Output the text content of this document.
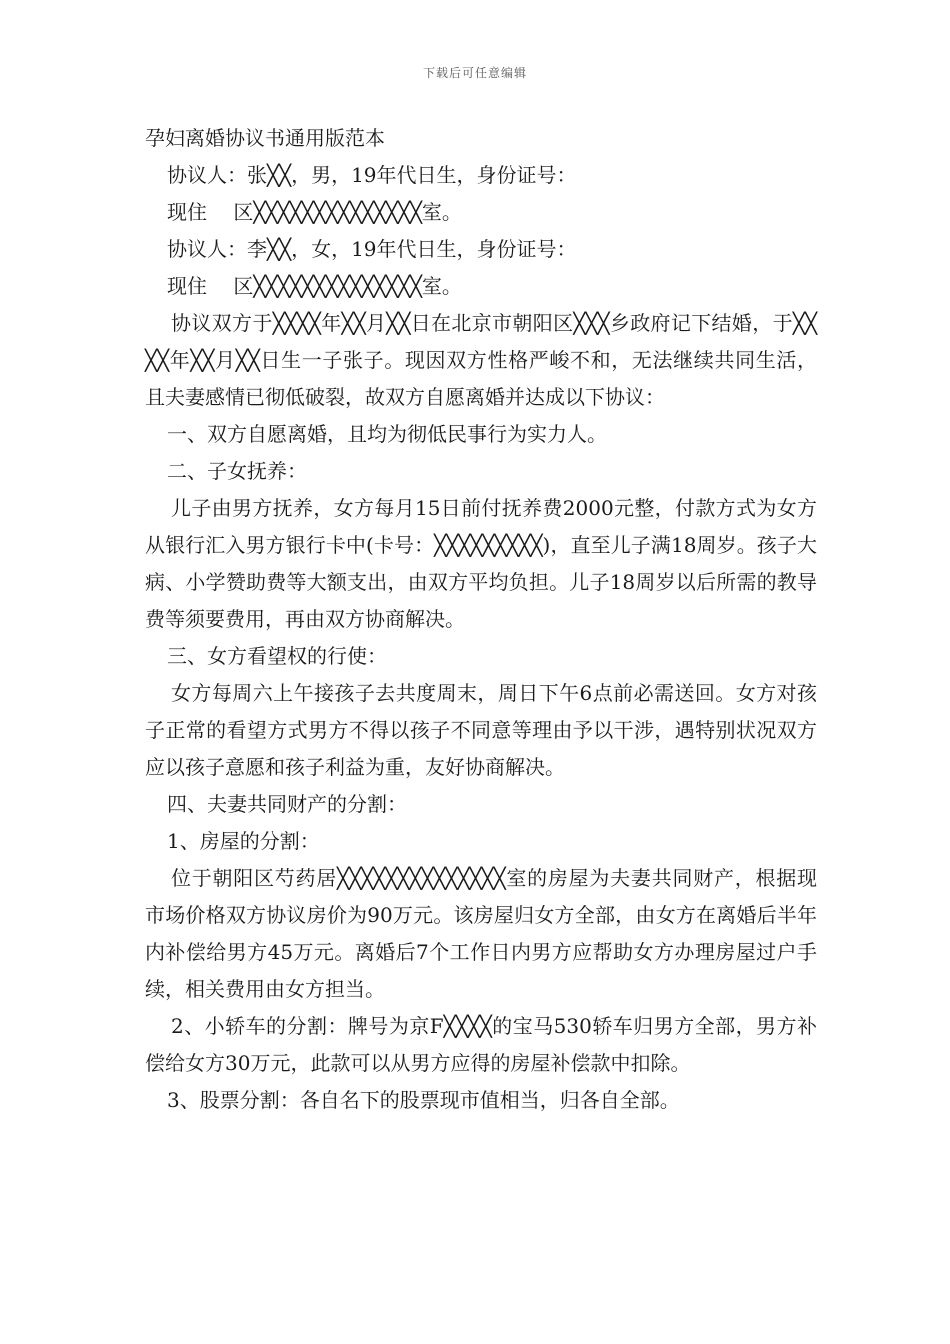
下载后可任意编辑
孕妇离婚协议书通用版范本

协议人：张╳╳，男，19年代日生，身份证号：

现住　 区╳╳╳╳╳╳╳╳╳╳╳╳╳╳室。

协议人：李╳╳，女，19年代日生，身份证号：

现住　 区╳╳╳╳╳╳╳╳╳╳╳╳╳╳室。

协议双方于╳╳╳╳年╳╳月╳╳日在北京市朝阳区╳╳╳乡政府记下结婚，于╳╳╳╳年╳╳月╳╳日生一子张子。现因双方性格严峻不和，无法继续共同生活，且夫妻感情已彻低破裂，故双方自愿离婚并达成以下协议：

一、双方自愿离婚，且均为彻低民事行为实力人。

二、子女抚养：

儿子由男方抚养，女方每月15日前付抚养费2000元整，付款方式为女方从银行汇入男方银行卡中(卡号：╳╳╳╳╳╳╳╳╳)，直至儿子满18周岁。孩子大病、小学赞助费等大额支出，由双方平均负担。儿子18周岁以后所需的教导费等须要费用，再由双方协商解决。

三、女方看望权的行使：

女方每周六上午接孩子去共度周末，周日下午6点前必需送回。女方对孩子正常的看望方式男方不得以孩子不同意等理由予以干涉，遇特别状况双方应以孩子意愿和孩子利益为重，友好协商解决。

四、夫妻共同财产的分割：

1、房屋的分割：

位于朝阳区芍药居╳╳╳╳╳╳╳╳╳╳╳╳╳╳室的房屋为夫妻共同财产，根据现市场价格双方协议房价为90万元。该房屋归女方全部，由女方在离婚后半年内补偿给男方45万元。离婚后7个工作日内男方应帮助女方办理房屋过户手续，相关费用由女方担当。

2、小轿车的分割：牌号为京F╳╳╳╳的宝马530轿车归男方全部，男方补偿给女方30万元，此款可以从男方应得的房屋补偿款中扣除。

3、股票分割：各自名下的股票现市值相当，归各自全部。
